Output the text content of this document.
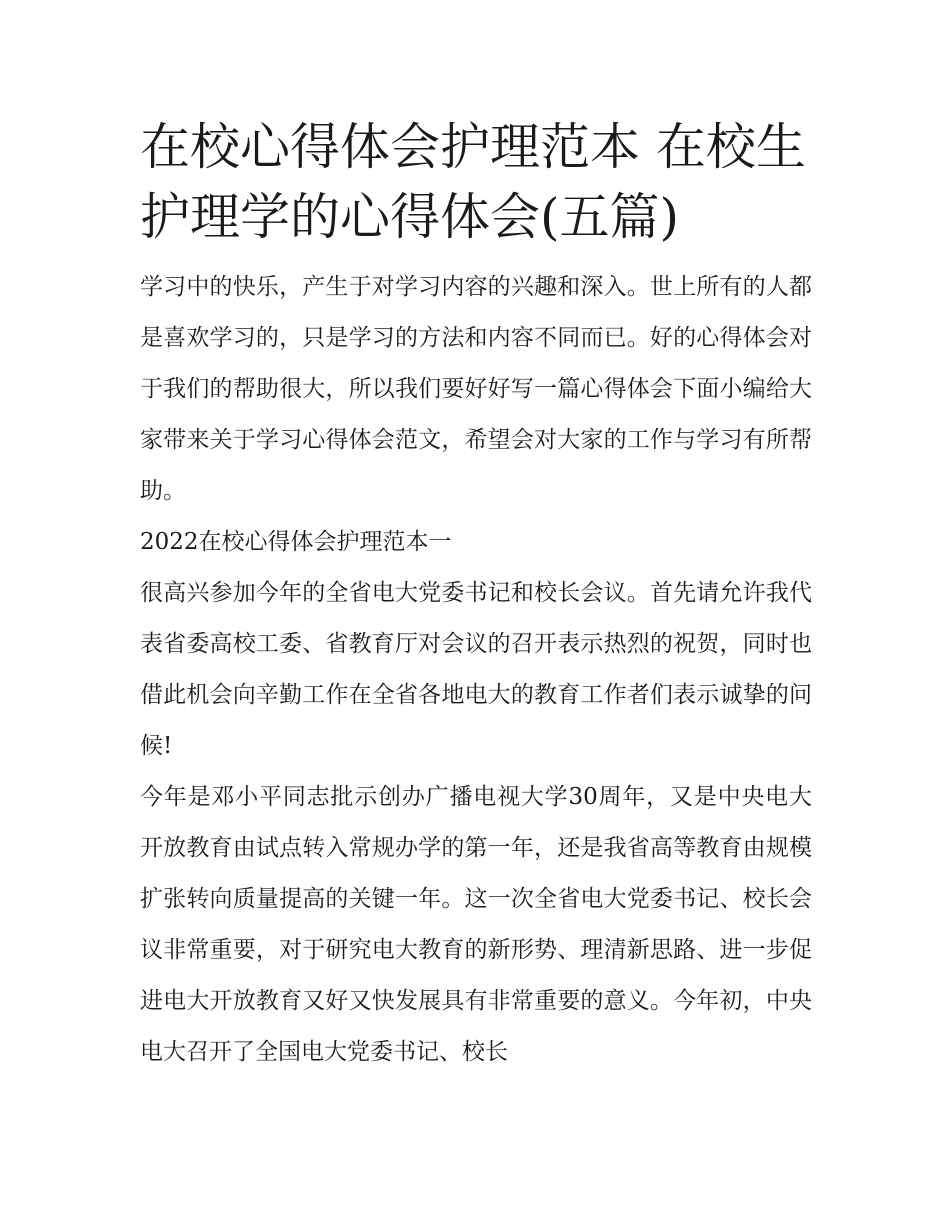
在校心得体会护理范本 在校生护理学的心得体会(五篇)

学习中的快乐，产生于对学习内容的兴趣和深入。世上所有的人都是喜欢学习的，只是学习的方法和内容不同而已。好的心得体会对于我们的帮助很大，所以我们要好好写一篇心得体会下面小编给大家带来关于学习心得体会范文，希望会对大家的工作与学习有所帮助。

2022在校心得体会护理范本一

很高兴参加今年的全省电大党委书记和校长会议。首先请允许我代表省委高校工委、省教育厅对会议的召开表示热烈的祝贺，同时也借此机会向辛勤工作在全省各地电大的教育工作者们表示诚挚的问候!

今年是邓小平同志批示创办广播电视大学30周年，又是中央电大开放教育由试点转入常规办学的第一年，还是我省高等教育由规模扩张转向质量提高的关键一年。这一次全省电大党委书记、校长会议非常重要，对于研究电大教育的新形势、理清新思路、进一步促进电大开放教育又好又快发展具有非常重要的意义。今年初，中央电大召开了全国电大党委书记、校长
